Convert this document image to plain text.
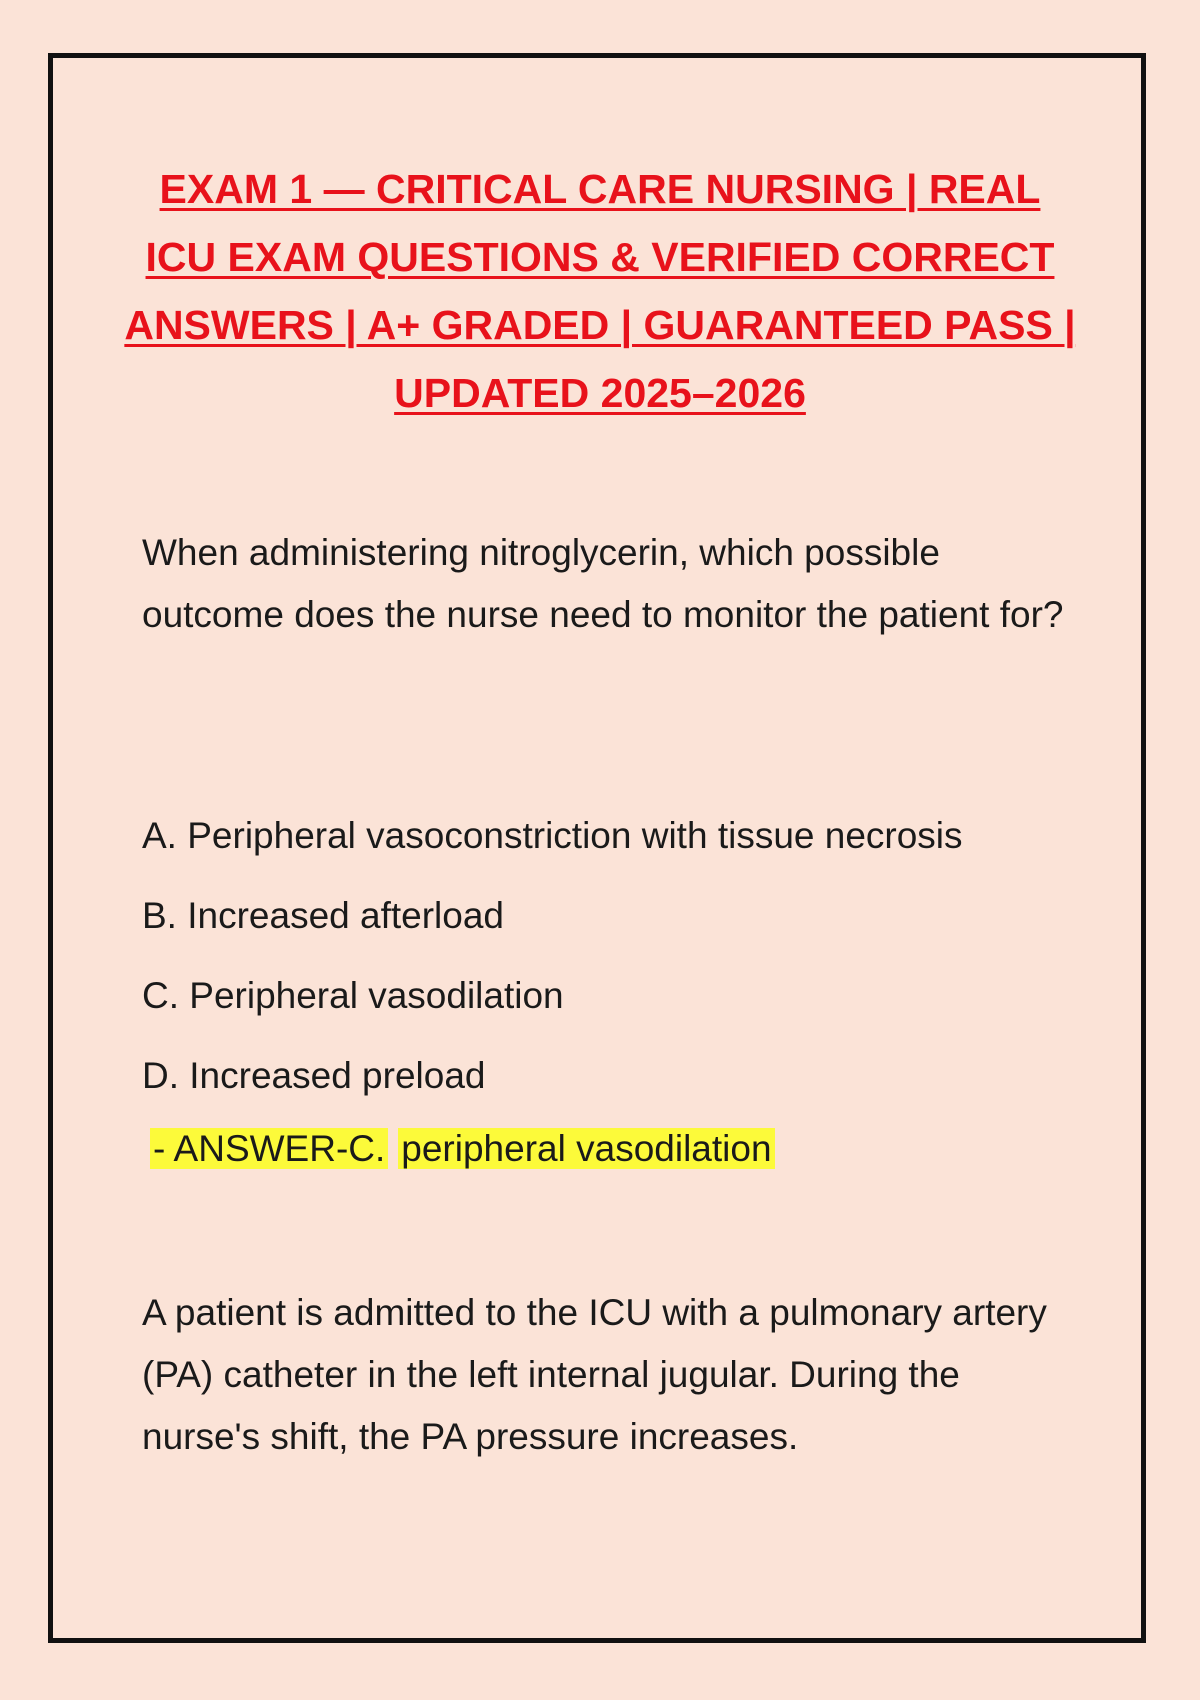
EXAM 1 — CRITICAL CARE NURSING | REAL ICU EXAM QUESTIONS & VERIFIED CORRECT ANSWERS | A+ GRADED | GUARANTEED PASS | UPDATED 2025–2026

When administering nitroglycerin, which possible outcome does the nurse need to monitor the patient for?

A. Peripheral vasoconstriction with tissue necrosis
B. Increased afterload
C. Peripheral vasodilation
D. Increased preload
- ANSWER-C. peripheral vasodilation

A patient is admitted to the ICU with a pulmonary artery (PA) catheter in the left internal jugular. During the nurse's shift, the PA pressure increases.
